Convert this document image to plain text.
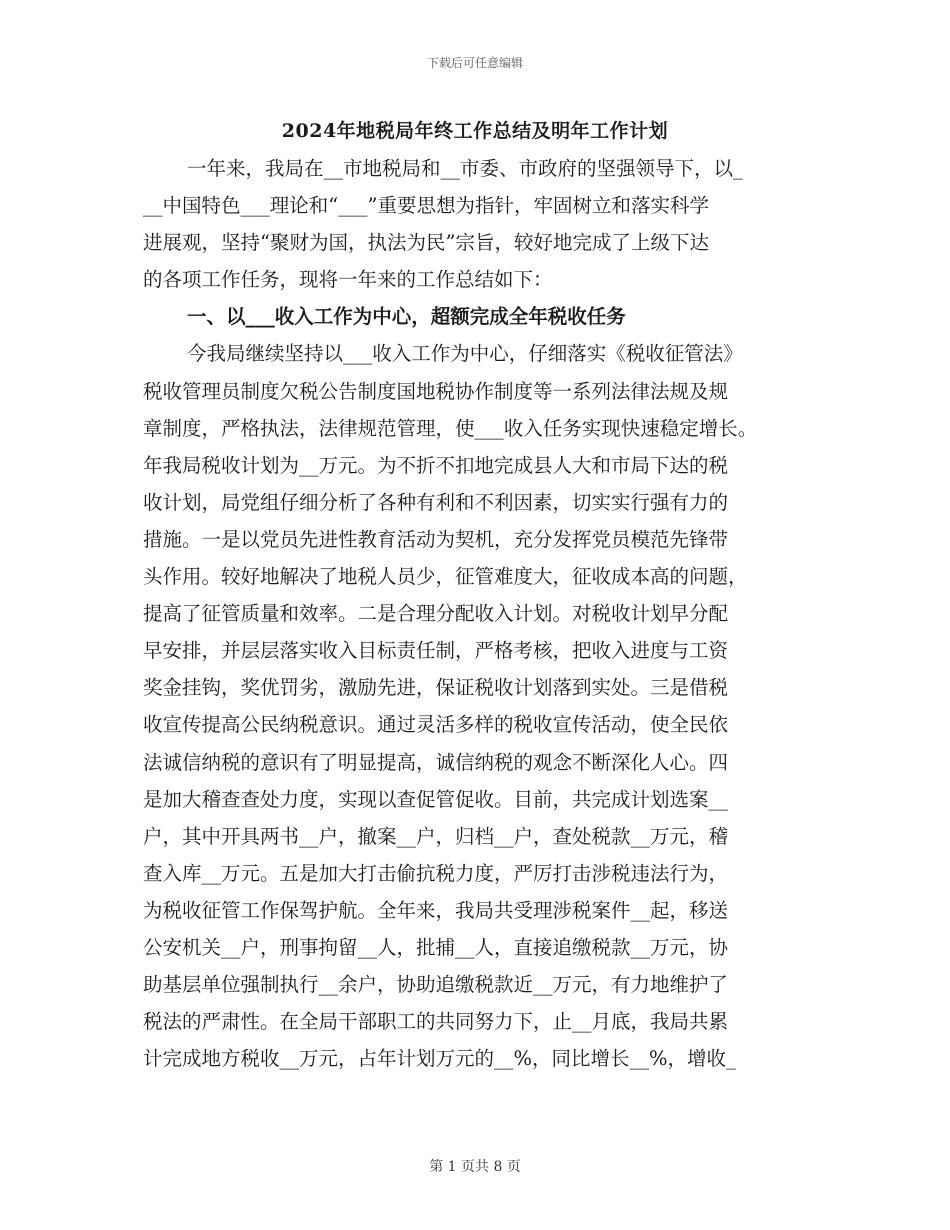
下载后可任意编辑
2024年地税局年终工作总结及明年工作计划
一年来，我局在__市地税局和__市委、市政府的坚强领导下，以_
__中国特色___理论和“___”重要思想为指针，牢固树立和落实科学
进展观，坚持“聚财为国，执法为民”宗旨，较好地完成了上级下达
的各项工作任务，现将一年来的工作总结如下：
一、以___收入工作为中心，超额完成全年税收任务
今我局继续坚持以___收入工作为中心，仔细落实《税收征管法》
税收管理员制度欠税公告制度国地税协作制度等一系列法律法规及规
章制度，严格执法，法律规范管理，使___收入任务实现快速稳定增长。
年我局税收计划为__万元。为不折不扣地完成县人大和市局下达的税
收计划，局党组仔细分析了各种有利和不利因素，切实实行强有力的
措施。一是以党员先进性教育活动为契机，充分发挥党员模范先锋带
头作用。较好地解决了地税人员少，征管难度大，征收成本高的问题，
提高了征管质量和效率。二是合理分配收入计划。对税收计划早分配
早安排，并层层落实收入目标责任制，严格考核，把收入进度与工资
奖金挂钩，奖优罚劣，激励先进，保证税收计划落到实处。三是借税
收宣传提高公民纳税意识。通过灵活多样的税收宣传活动，使全民依
法诚信纳税的意识有了明显提高，诚信纳税的观念不断深化人心。四
是加大稽查查处力度，实现以查促管促收。目前，共完成计划选案__
户，其中开具两书__户，撤案__户，归档__户，查处税款__万元，稽
查入库__万元。五是加大打击偷抗税力度，严厉打击涉税违法行为，
为税收征管工作保驾护航。全年来，我局共受理涉税案件__起，移送
公安机关__户，刑事拘留__人，批捕__人，直接追缴税款__万元，协
助基层单位强制执行__余户，协助追缴税款近__万元，有力地维护了
税法的严肃性。在全局干部职工的共同努力下，止__月底，我局共累
计完成地方税收__万元，占年计划万元的__%，同比增长__%，增收_
第 1 页共 8 页
